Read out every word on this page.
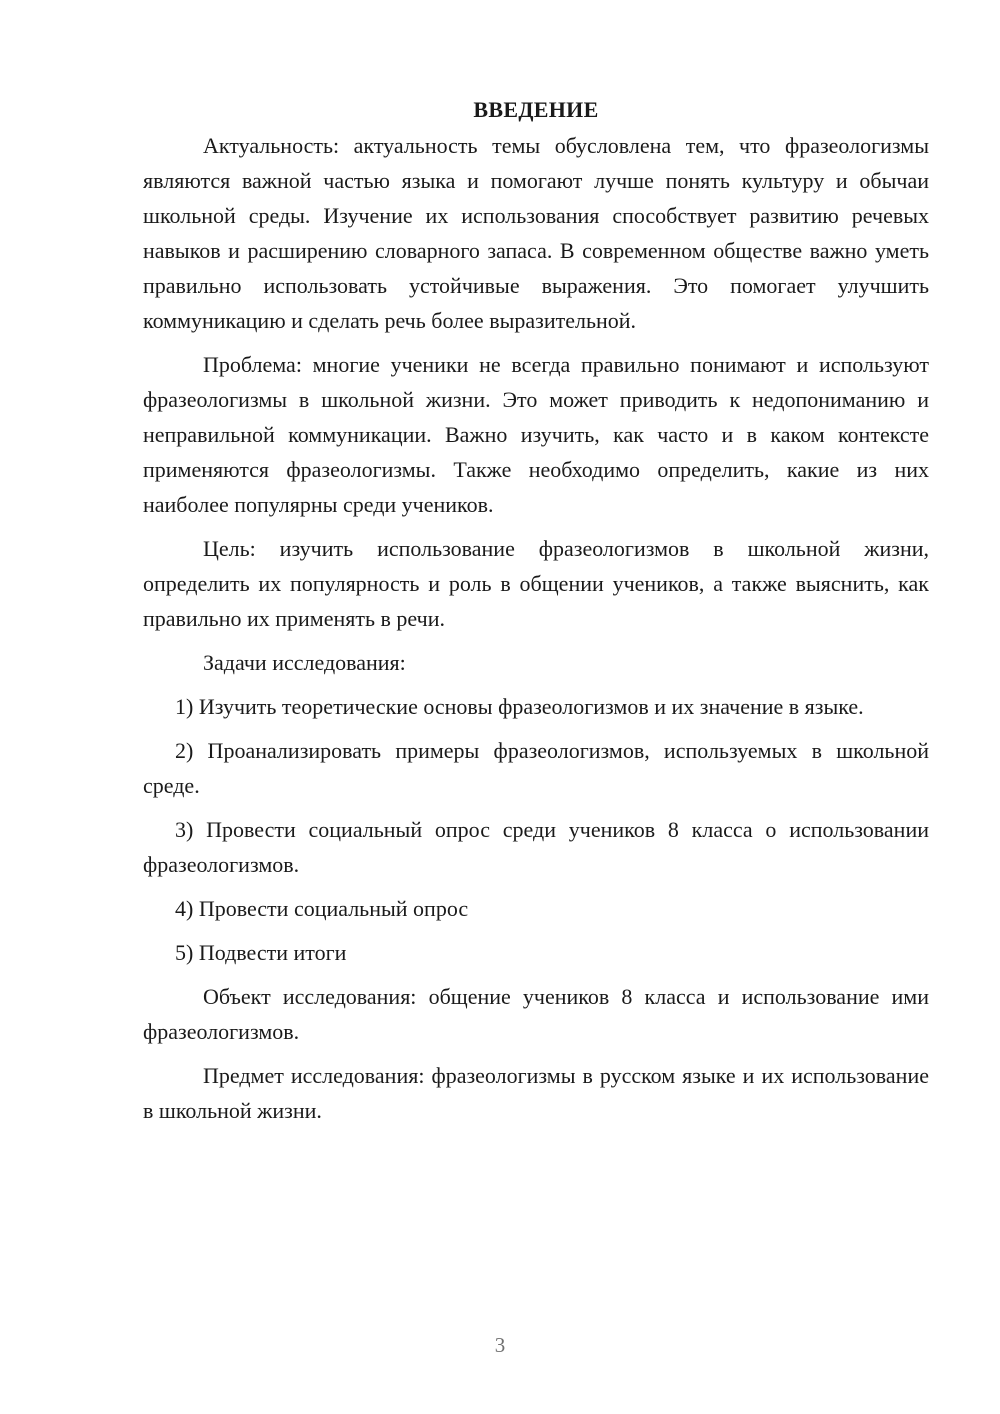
ВВЕДЕНИЕ

Актуальность: актуальность темы обусловлена тем, что фразеологизмы являются важной частью языка и помогают лучше понять культуру и обычаи школьной среды. Изучение их использования способствует развитию речевых навыков и расширению словарного запаса. В современном обществе важно уметь правильно использовать устойчивые выражения. Это помогает улучшить коммуникацию и сделать речь более выразительной.

Проблема: многие ученики не всегда правильно понимают и используют фразеологизмы в школьной жизни. Это может приводить к недопониманию и неправильной коммуникации. Важно изучить, как часто и в каком контексте применяются фразеологизмы. Также необходимо определить, какие из них наиболее популярны среди учеников.

Цель: изучить использование фразеологизмов в школьной жизни, определить их популярность и роль в общении учеников, а также выяснить, как правильно их применять в речи.

Задачи исследования:

1) Изучить теоретические основы фразеологизмов и их значение в языке.

2) Проанализировать примеры фразеологизмов, используемых в школьной среде.

3) Провести социальный опрос среди учеников 8 класса о использовании фразеологизмов.

4) Провести социальный опрос

5) Подвести итоги

Объект исследования: общение учеников 8 класса и использование ими фразеологизмов.

Предмет исследования: фразеологизмы в русском языке и их использование в школьной жизни.

3
